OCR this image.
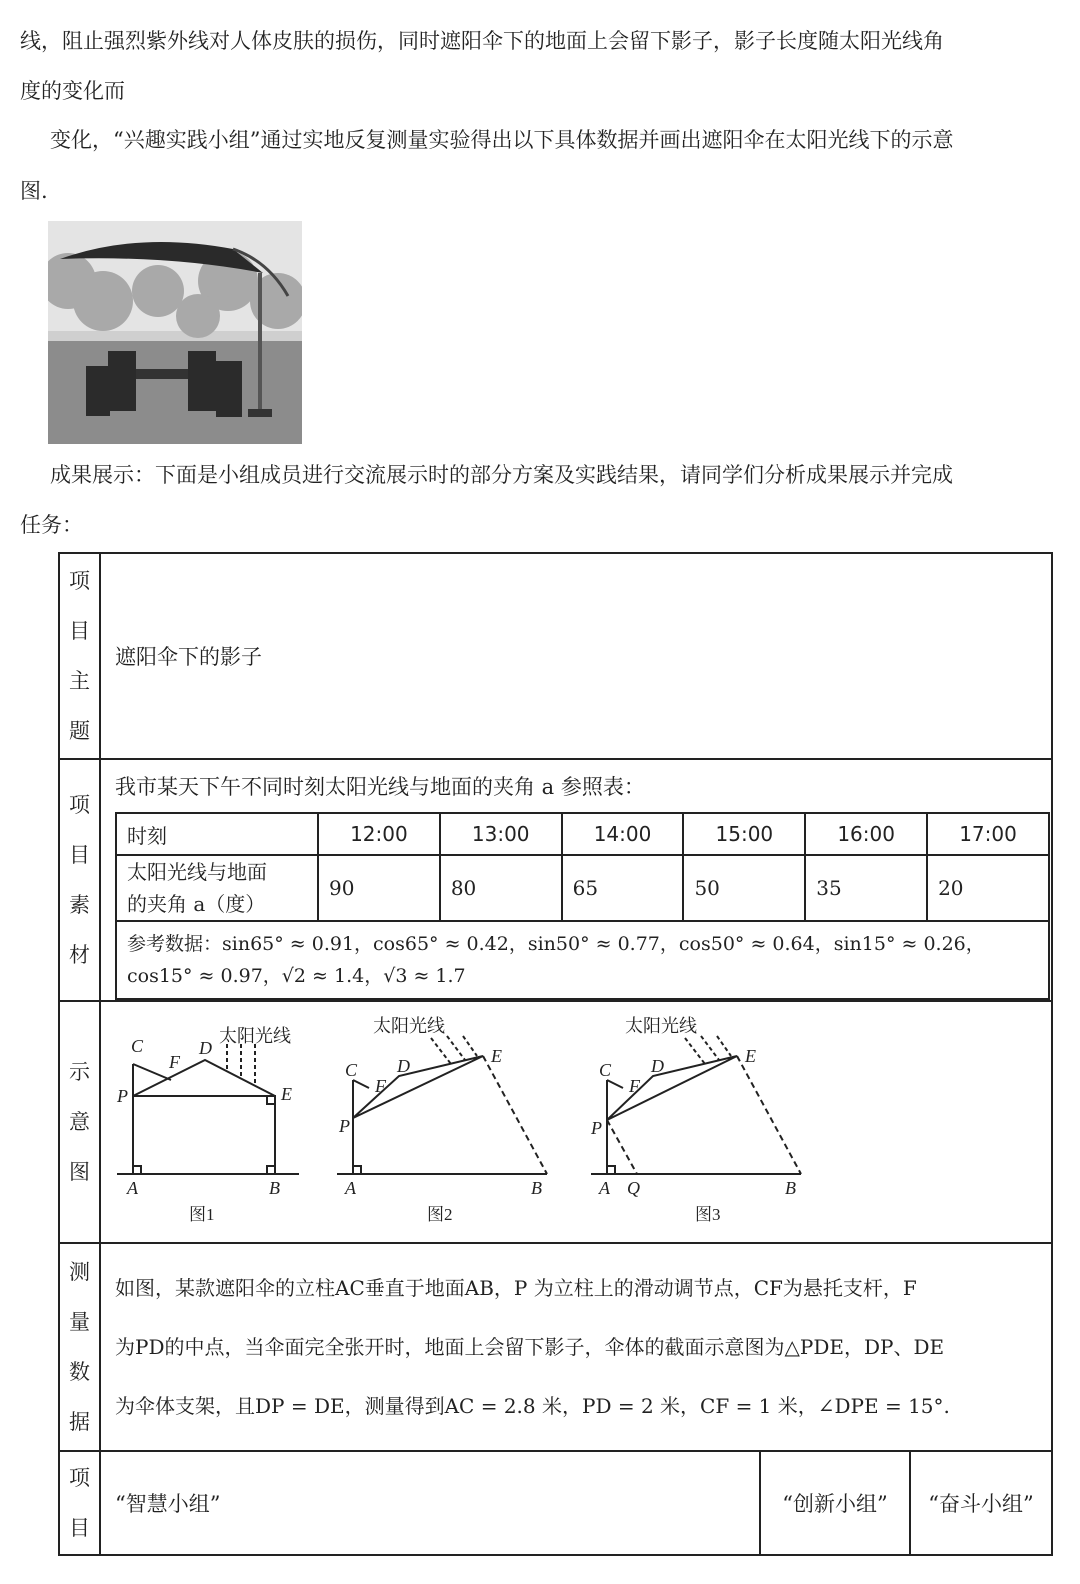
线，阻止强烈紫外线对人体皮肤的损伤，同时遮阳伞下的地面上会留下影子，影子长度随太阳光线角
度的变化而
变化，“兴趣实践小组”通过实地反复测量实验得出以下具体数据并画出遮阳伞在太阳光线下的示意
图.
成果展示：下面是小组成员进行交流展示时的部分方案及实践结果，请同学们分析成果展示并完成
任务：
项
目
主
题
	遮阳伞下的影子

项
目
素
材

我市某天下午不同时刻太阳光线与地面的夹角 a 参照表：
时刻	12:00	13:00	14:00	15:00	16:00	17:00

太阳光线与地面
的夹角 a（度）
	90	80	65	50	35	20

参考数据：sin65° ≈ 0.91，cos65° ≈ 0.42，sin50° ≈ 0.77，cos50° ≈ 0.64，sin15° ≈ 0.26，
cos15° ≈ 0.97，√2 ≈ 1.4，√3 ≈ 1.7

示
意
图

C
F
D
P	E
A	B
太阳光线
图1
C
F
D
P
E
A	B
太阳光线
图2
C
F
D
P
E
A Q	B
太阳光线
图3

测
量
数
据

如图，某款遮阳伞的立柱AC垂直于地面AB，P 为立柱上的滑动调节点，CF为悬托支杆，F
为PD的中点，当伞面完全张开时，地面上会留下影子，伞体的截面示意图为△PDE，DP、DE
为伞体支架，且DP = DE，测量得到AC = 2.8 米，PD = 2 米，CF = 1 米，∠DPE = 15°.

项
目
	“智慧小组”	“创新小组”	“奋斗小组”
